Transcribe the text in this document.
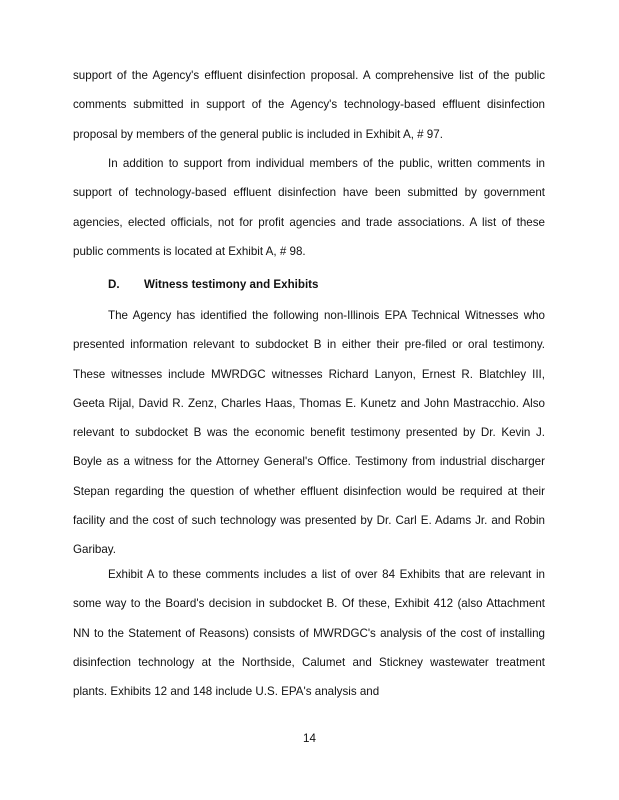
support of the Agency's effluent disinfection proposal. A comprehensive list of the public comments submitted in support of the Agency's technology-based effluent disinfection proposal by members of the general public is included in Exhibit A, # 97.

In addition to support from individual members of the public, written comments in support of technology-based effluent disinfection have been submitted by government agencies, elected officials, not for profit agencies and trade associations. A list of these public comments is located at Exhibit A, # 98.

D. Witness testimony and Exhibits

The Agency has identified the following non-Illinois EPA Technical Witnesses who presented information relevant to subdocket B in either their pre-filed or oral testimony. These witnesses include MWRDGC witnesses Richard Lanyon, Ernest R. Blatchley III, Geeta Rijal, David R. Zenz, Charles Haas, Thomas E. Kunetz and John Mastracchio. Also relevant to subdocket B was the economic benefit testimony presented by Dr. Kevin J. Boyle as a witness for the Attorney General's Office. Testimony from industrial discharger Stepan regarding the question of whether effluent disinfection would be required at their facility and the cost of such technology was presented by Dr. Carl E. Adams Jr. and Robin Garibay.

Exhibit A to these comments includes a list of over 84 Exhibits that are relevant in some way to the Board's decision in subdocket B. Of these, Exhibit 412 (also Attachment NN to the Statement of Reasons) consists of MWRDGC's analysis of the cost of installing disinfection technology at the Northside, Calumet and Stickney wastewater treatment plants. Exhibits 12 and 148 include U.S. EPA's analysis and

14
